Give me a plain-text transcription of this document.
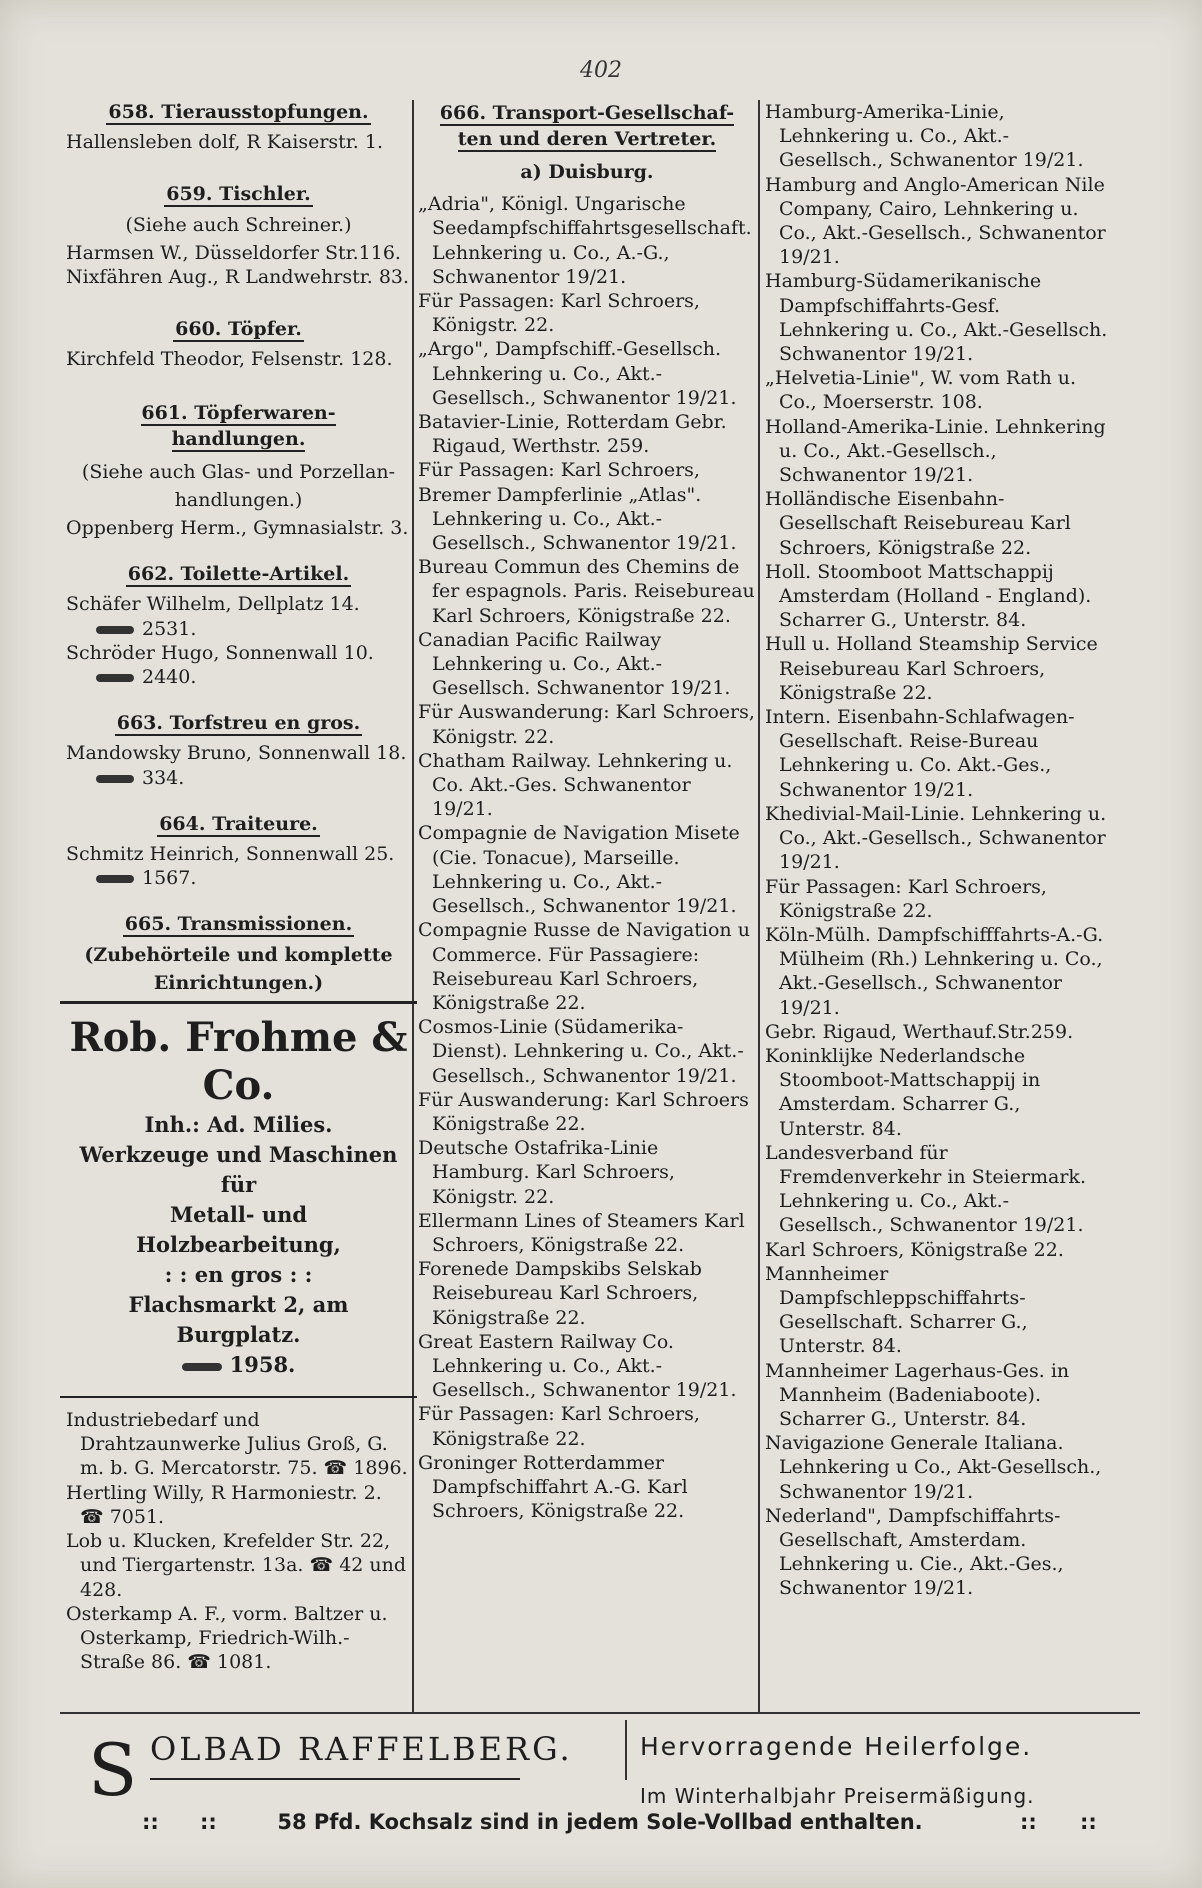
402
658. Tierausstopfungen.
Hallensleben dolf, R Kaiserstr. 1.
659. Tischler.
(Siehe auch Schreiner.)
Harmsen W., Düsseldorfer Str.116.
Nixfähren Aug., R Landwehrstr. 83.
660. Töpfer.
Kirchfeld Theodor, Felsenstr. 128.
661. Töpferwaren-
handlungen.
(Siehe auch Glas- und Porzellan-
handlungen.)
Oppenberg Herm., Gymnasialstr. 3.
662. Toilette-Artikel.
Schäfer Wilhelm, Dellplatz 14.
2531.
Schröder Hugo, Sonnenwall 10.
2440.
663. Torfstreu en gros.
Mandowsky Bruno, Sonnenwall 18.
334.
664. Traiteure.
Schmitz Heinrich, Sonnenwall 25.
1567.
665. Transmissionen.
(Zubehörteile und komplette
Einrichtungen.)
Rob. Frohme & Co.
Inh.: Ad. Milies.
Werkzeuge und Maschinen für
Metall- und Holzbearbeitung,
: : en gros : :
Flachsmarkt 2, am Burgplatz.
1958.
Industriebedarf und Drahtzaunwerke Julius Groß, G. m. b. G. Mercatorstr. 75. ☎ 1896.
Hertling Willy, R Harmoniestr. 2. ☎ 7051.
Lob u. Klucken, Krefelder Str. 22, und Tiergartenstr. 13a. ☎ 42 und 428.
Osterkamp A. F., vorm. Baltzer u. Osterkamp, Friedrich-Wilh.-Straße 86. ☎ 1081.
666. Transport-Gesellschaf-
ten und deren Vertreter.
a) Duisburg.
„Adria", Königl. Ungarische Seedampfschiffahrtsgesellschaft. Lehnkering u. Co., A.-G., Schwanentor 19/21.
Für Passagen: Karl Schroers, Königstr. 22.
„Argo", Dampfschiff.-Gesellsch. Lehnkering u. Co., Akt.-Gesellsch., Schwanentor 19/21.
Batavier-Linie, Rotterdam Gebr. Rigaud, Werthstr. 259.
Für Passagen: Karl Schroers,
Bremer Dampferlinie „Atlas". Lehnkering u. Co., Akt.-Gesellsch., Schwanentor 19/21.
Bureau Commun des Chemins de fer espagnols. Paris. Reisebureau Karl Schroers, Königstraße 22.
Canadian Pacific Railway Lehnkering u. Co., Akt.-Gesellsch. Schwanentor 19/21.
Für Auswanderung: Karl Schroers, Königstr. 22.
Chatham Railway. Lehnkering u. Co. Akt.-Ges. Schwanentor 19/21.
Compagnie de Navigation Misete (Cie. Tonacue), Marseille. Lehnkering u. Co., Akt.-Gesellsch., Schwanentor 19/21.
Compagnie Russe de Navigation u Commerce. Für Passagiere: Reisebureau Karl Schroers, Königstraße 22.
Cosmos-Linie (Südamerika-Dienst). Lehnkering u. Co., Akt.-Gesellsch., Schwanentor 19/21.
Für Auswanderung: Karl Schroers Königstraße 22.
Deutsche Ostafrika-Linie Hamburg. Karl Schroers, Königstr. 22.
Ellermann Lines of Steamers Karl Schroers, Königstraße 22.
Forenede Dampskibs Selskab Reisebureau Karl Schroers, Königstraße 22.
Great Eastern Railway Co. Lehnkering u. Co., Akt.-Gesellsch., Schwanentor 19/21.
Für Passagen: Karl Schroers, Königstraße 22.
Groninger Rotterdammer Dampfschiffahrt A.-G. Karl Schroers, Königstraße 22.
Hamburg-Amerika-Linie, Lehnkering u. Co., Akt.-Gesellsch., Schwanentor 19/21.
Hamburg and Anglo-American Nile Company, Cairo, Lehnkering u. Co., Akt.-Gesellsch., Schwanentor 19/21.
Hamburg-Südamerikanische Dampfschiffahrts-Gesf. Lehnkering u. Co., Akt.-Gesellsch. Schwanentor 19/21.
„Helvetia-Linie", W. vom Rath u. Co., Moerserstr. 108.
Holland-Amerika-Linie. Lehnkering u. Co., Akt.-Gesellsch., Schwanentor 19/21.
Holländische Eisenbahn-Gesellschaft Reisebureau Karl Schroers, Königstraße 22.
Holl. Stoomboot Mattschappij Amsterdam (Holland - England). Scharrer G., Unterstr. 84.
Hull u. Holland Steamship Service Reisebureau Karl Schroers, Königstraße 22.
Intern. Eisenbahn-Schlafwagen-Gesellschaft. Reise-Bureau Lehnkering u. Co. Akt.-Ges., Schwanentor 19/21.
Khedivial-Mail-Linie. Lehnkering u. Co., Akt.-Gesellsch., Schwanentor 19/21.
Für Passagen: Karl Schroers, Königstraße 22.
Köln-Mülh. Dampfschifffahrts-A.-G. Mülheim (Rh.) Lehnkering u. Co., Akt.-Gesellsch., Schwanentor 19/21.
Gebr. Rigaud, Werthauf.Str.259.
Koninklijke Nederlandsche Stoomboot-Mattschappij in Amsterdam. Scharrer G., Unterstr. 84.
Landesverband für Fremdenverkehr in Steiermark. Lehnkering u. Co., Akt.-Gesellsch., Schwanentor 19/21.
Karl Schroers, Königstraße 22.
Mannheimer Dampfschleppschiffahrts-Gesellschaft. Scharrer G., Unterstr. 84.
Mannheimer Lagerhaus-Ges. in Mannheim (Badeniaboote). Scharrer G., Unterstr. 84.
Navigazione Generale Italiana. Lehnkering u Co., Akt-Gesellsch., Schwanentor 19/21.
Nederland", Dampfschiffahrts-Gesellschaft, Amsterdam. Lehnkering u. Cie., Akt.-Ges., Schwanentor 19/21.
S OLBAD RAFFELBERG.	Hervorragende Heilerfolge.
Im Winterhalbjahr Preisermäßigung.
:: ::	58 Pfd. Kochsalz sind in jedem Sole-Vollbad enthalten.	:: ::
